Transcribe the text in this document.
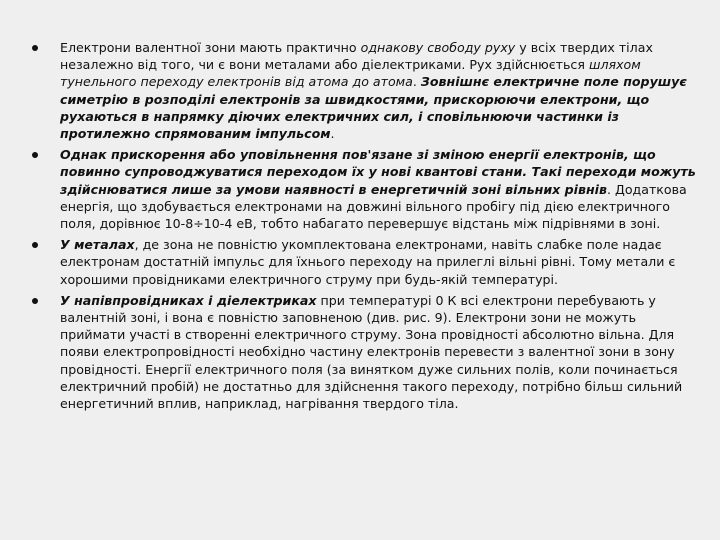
Електрони валентної зони мають практично однакову свободу руху у всіх твердих тілах незалежно від того, чи є вони металами або діелектриками. Рух здійснюється шляхом тунельного переходу електронів від атома до атома. Зовнішнє електричне поле порушує симетрію в розподілі електронів за швидкостями, прискорюючи електрони, що рухаються в напрямку діючих електричних сил, і сповільнюючи частинки із протилежно спрямованим імпульсом.
Однак прискорення або уповільнення пов'язане зі зміною енергії електронів, що повинно супроводжуватися переходом їх у нові квантові стани. Такі переходи можуть здійснюватися лише за умови наявності в енергетичній зоні вільних рівнів. Додаткова енергія, що здобувається електронами на довжині вільного пробігу під дією електричного поля, дорівнює 10-8÷10-4 еВ, тобто набагато перевершує відстань між підрівнями в зоні.
У металах, де зона не повністю укомплектована електронами, навіть слабке поле надає електронам достатній імпульс для їхнього переходу на прилеглі вільні рівні. Тому метали є хорошими провідниками електричного струму при будь-якій температурі.
У напівпровідниках і діелектриках при температурі 0 К всі електрони перебувають у валентній зоні, і вона є повністю заповненою (див. рис. 9). Електрони зони не можуть приймати участі в створенні електричного струму. Зона провідності абсолютно вільна. Для появи електропровідності необхідно частину електронів перевести з валентної зони в зону провідності. Енергії електричного поля (за винятком дуже сильних полів, коли починається електричний пробій) не достатньо для здійснення такого переходу, потрібно більш сильний енергетичний вплив, наприклад, нагрівання твердого тіла.
